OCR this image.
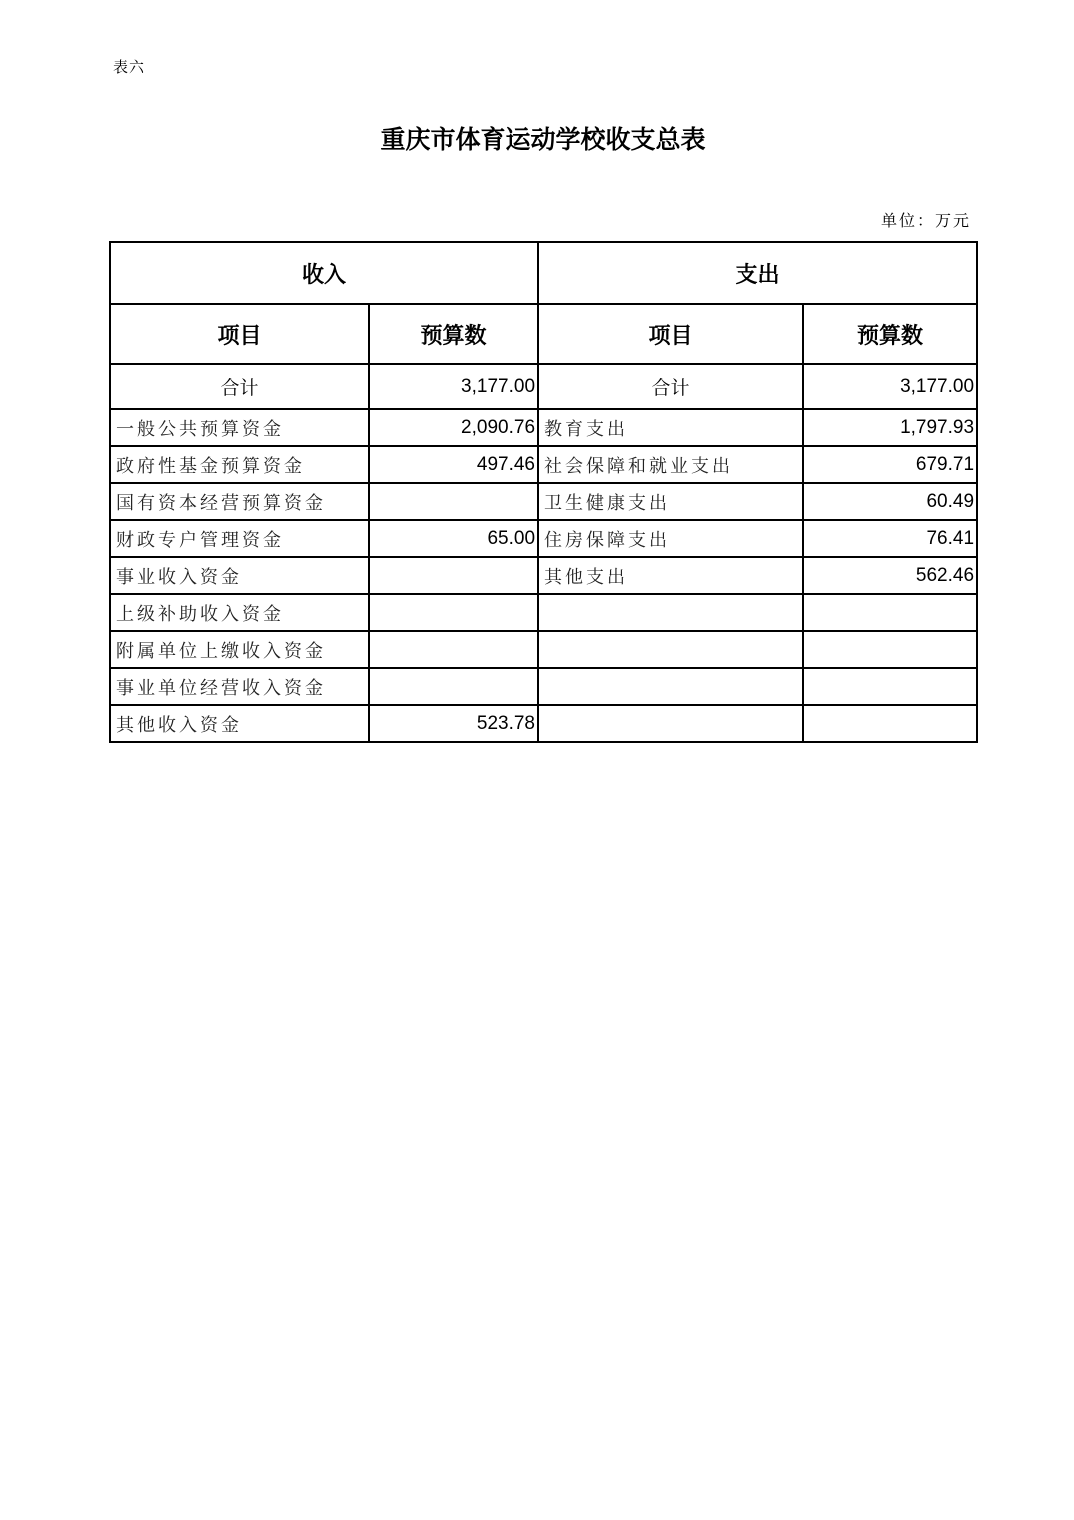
表六
重庆市体育运动学校收支总表
单位：万元
收入		支出	
项目	预算数	项目	预算数
合计	3,177.00	合计	3,177.00
一般公共预算资金	2,090.76	教育支出	1,797.93
政府性基金预算资金	497.46	社会保障和就业支出	679.71
国有资本经营预算资金		卫生健康支出	60.49
财政专户管理资金	65.00	住房保障支出	76.41
事业收入资金		其他支出	562.46
上级补助收入资金			
附属单位上缴收入资金			
事业单位经营收入资金			
其他收入资金	523.78		
